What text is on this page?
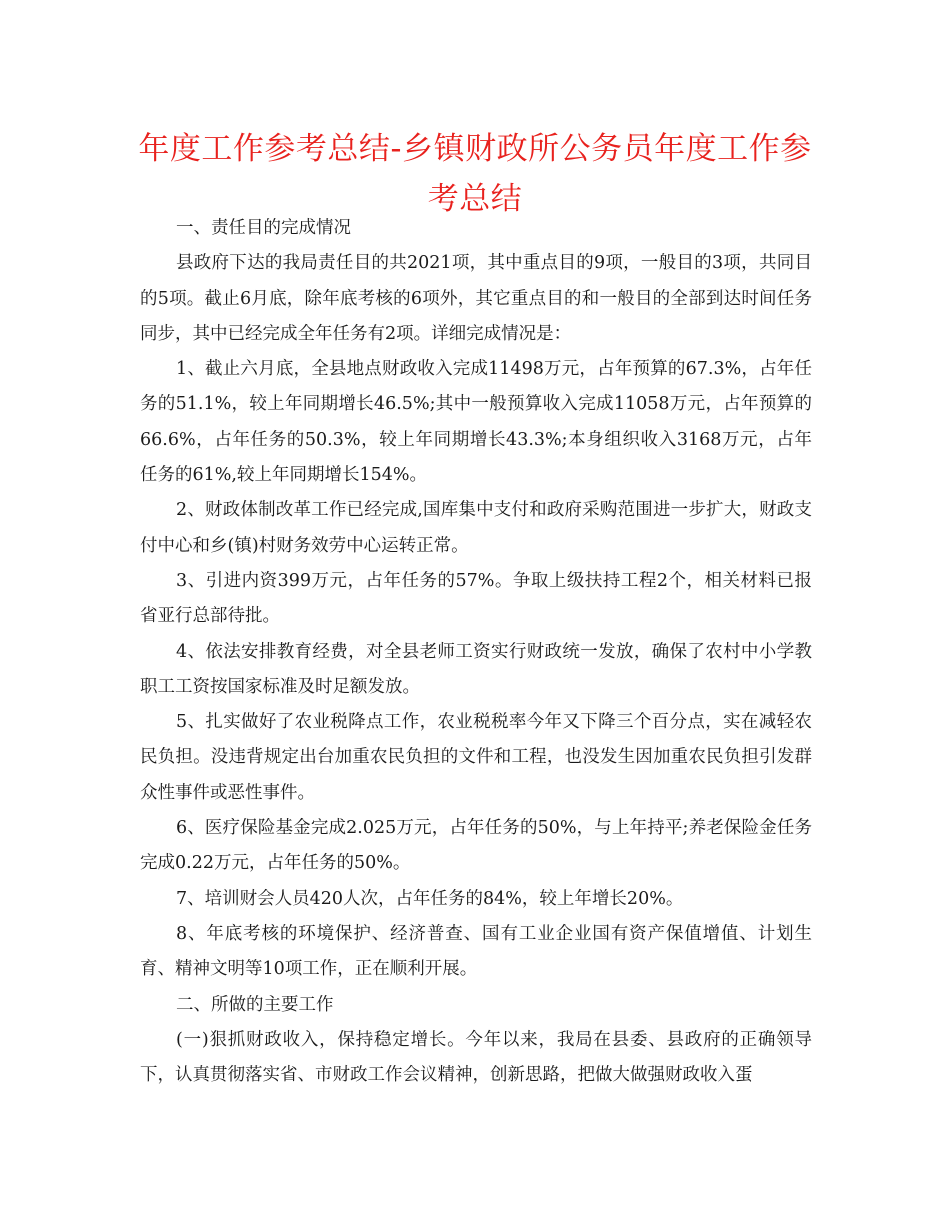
年度工作参考总结-乡镇财政所公务员年度工作参
考总结

一、责任目的完成情况

县政府下达的我局责任目的共2021项，其中重点目的9项，一般目的3项，共同目的5项。截止6月底，除年底考核的6项外，其它重点目的和一般目的全部到达时间任务同步，其中已经完成全年任务有2项。详细完成情况是：

1、截止六月底，全县地点财政收入完成11498万元，占年预算的67.3%，占年任务的51.1%，较上年同期增长46.5%;其中一般预算收入完成11058万元，占年预算的66.6%，占年任务的50.3%，较上年同期增长43.3%;本身组织收入3168万元，占年任务的61%,较上年同期增长154%。

2、财政体制改革工作已经完成,国库集中支付和政府采购范围进一步扩大，财政支付中心和乡(镇)村财务效劳中心运转正常。

3、引进内资399万元，占年任务的57%。争取上级扶持工程2个，相关材料已报省亚行总部待批。

4、依法安排教育经费，对全县老师工资实行财政统一发放，确保了农村中小学教职工工资按国家标准及时足额发放。

5、扎实做好了农业税降点工作，农业税税率今年又下降三个百分点，实在减轻农民负担。没违背规定出台加重农民负担的文件和工程，也没发生因加重农民负担引发群众性事件或恶性事件。

6、医疗保险基金完成2.025万元，占年任务的50%，与上年持平;养老保险金任务完成0.22万元，占年任务的50%。

7、培训财会人员420人次，占年任务的84%，较上年增长20%。

8、年底考核的环境保护、经济普查、国有工业企业国有资产保值增值、计划生育、精神文明等10项工作，正在顺利开展。

二、所做的主要工作

(一)狠抓财政收入，保持稳定增长。今年以来，我局在县委、县政府的正确领导下，认真贯彻落实省、市财政工作会议精神，创新思路，把做大做强财政收入蛋
